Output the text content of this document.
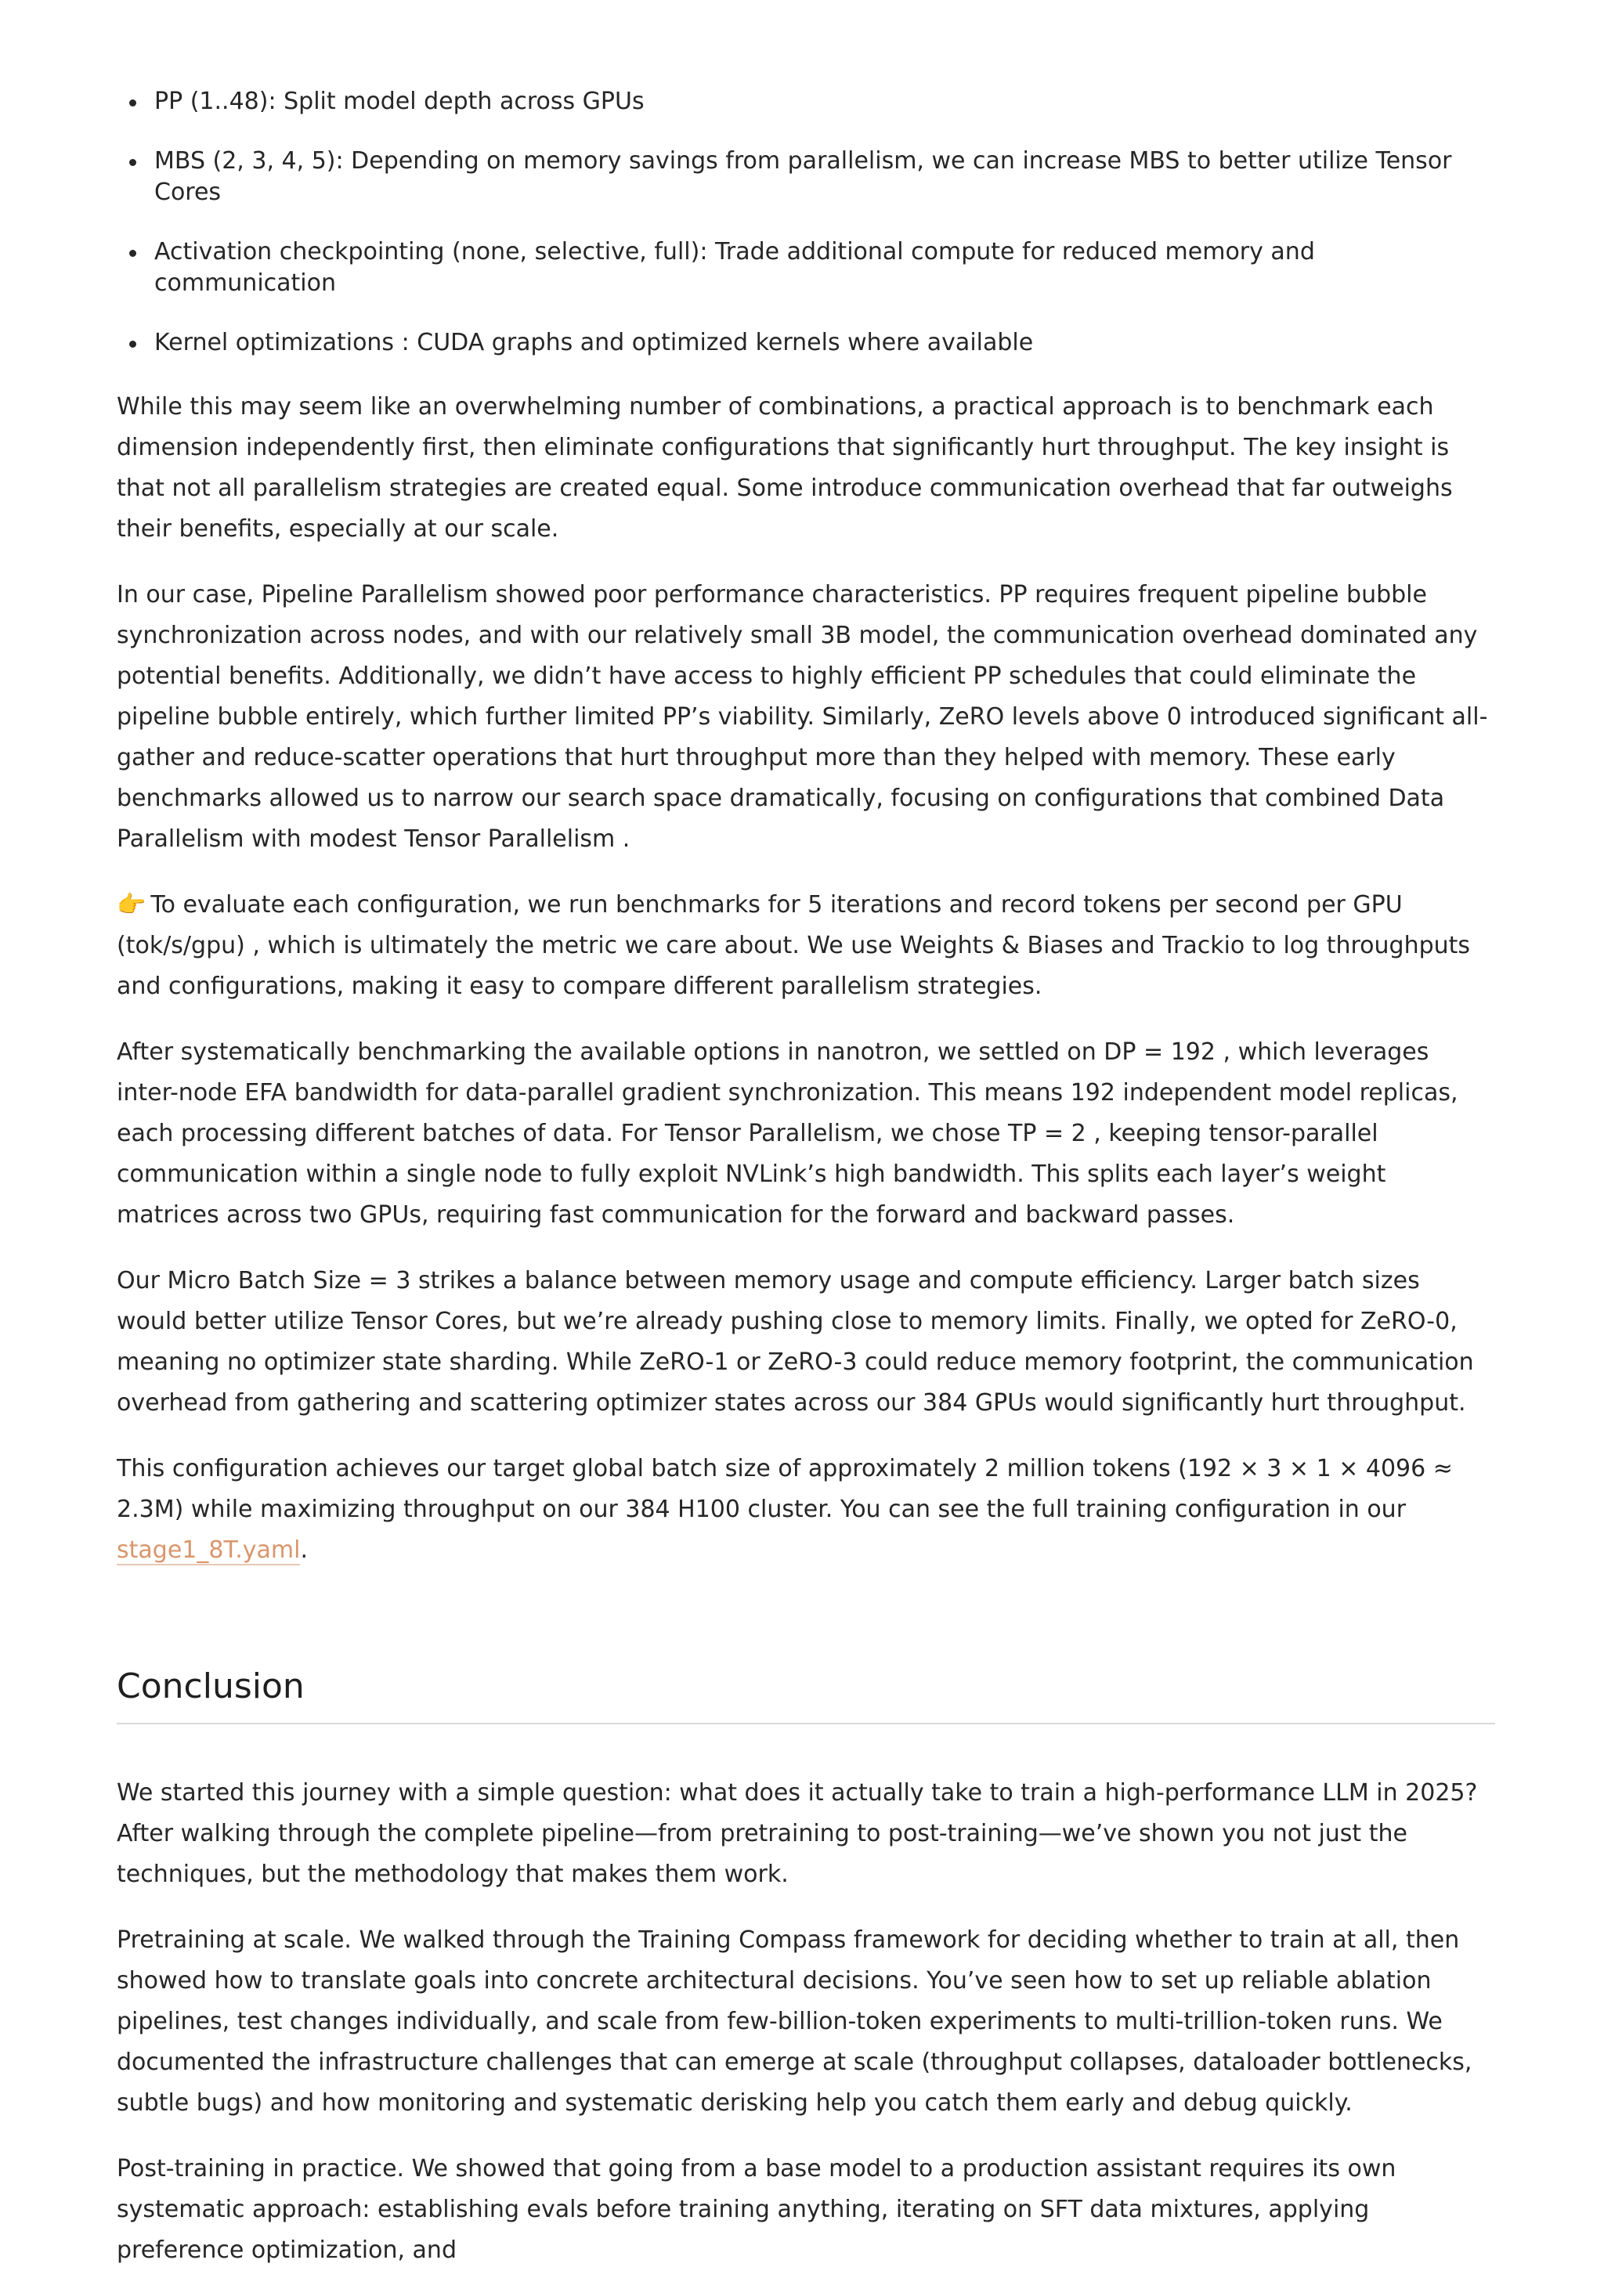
PP (1..48): Split model depth across GPUs
MBS (2, 3, 4, 5): Depending on memory savings from parallelism, we can increase MBS to better utilize Tensor Cores
Activation checkpointing (none, selective, full): Trade additional compute for reduced memory and communication
Kernel optimizations : CUDA graphs and optimized kernels where available

While this may seem like an overwhelming number of combinations, a practical approach is to benchmark each dimension independently first, then eliminate configurations that significantly hurt throughput. The key insight is that not all parallelism strategies are created equal. Some introduce communication overhead that far outweighs their benefits, especially at our scale.

In our case, Pipeline Parallelism showed poor performance characteristics. PP requires frequent pipeline bubble synchronization across nodes, and with our relatively small 3B model, the communication overhead dominated any potential benefits. Additionally, we didn’t have access to highly efficient PP schedules that could eliminate the pipeline bubble entirely, which further limited PP’s viability. Similarly, ZeRO levels above 0 introduced significant all-gather and reduce-scatter operations that hurt throughput more than they helped with memory. These early benchmarks allowed us to narrow our search space dramatically, focusing on configurations that combined Data Parallelism with modest Tensor Parallelism .

👉 To evaluate each configuration, we run benchmarks for 5 iterations and record tokens per second per GPU (tok/s/gpu) , which is ultimately the metric we care about. We use Weights & Biases and Trackio to log throughputs and configurations, making it easy to compare different parallelism strategies.

After systematically benchmarking the available options in nanotron, we settled on DP = 192 , which leverages inter-node EFA bandwidth for data-parallel gradient synchronization. This means 192 independent model replicas, each processing different batches of data. For Tensor Parallelism, we chose TP = 2 , keeping tensor-parallel communication within a single node to fully exploit NVLink’s high bandwidth. This splits each layer’s weight matrices across two GPUs, requiring fast communication for the forward and backward passes.

Our Micro Batch Size = 3 strikes a balance between memory usage and compute efficiency. Larger batch sizes would better utilize Tensor Cores, but we’re already pushing close to memory limits. Finally, we opted for ZeRO-0, meaning no optimizer state sharding. While ZeRO-1 or ZeRO-3 could reduce memory footprint, the communication overhead from gathering and scattering optimizer states across our 384 GPUs would significantly hurt throughput.

This configuration achieves our target global batch size of approximately 2 million tokens (192 × 3 × 1 × 4096 ≈ 2.3M) while maximizing throughput on our 384 H100 cluster. You can see the full training configuration in our stage1_8T.yaml.

Conclusion

We started this journey with a simple question: what does it actually take to train a high-performance LLM in 2025? After walking through the complete pipeline—from pretraining to post-training—we’ve shown you not just the techniques, but the methodology that makes them work.

Pretraining at scale. We walked through the Training Compass framework for deciding whether to train at all, then showed how to translate goals into concrete architectural decisions. You’ve seen how to set up reliable ablation pipelines, test changes individually, and scale from few-billion-token experiments to multi-trillion-token runs. We documented the infrastructure challenges that can emerge at scale (throughput collapses, dataloader bottlenecks, subtle bugs) and how monitoring and systematic derisking help you catch them early and debug quickly.

Post-training in practice. We showed that going from a base model to a production assistant requires its own systematic approach: establishing evals before training anything, iterating on SFT data mixtures, applying preference optimization, and
